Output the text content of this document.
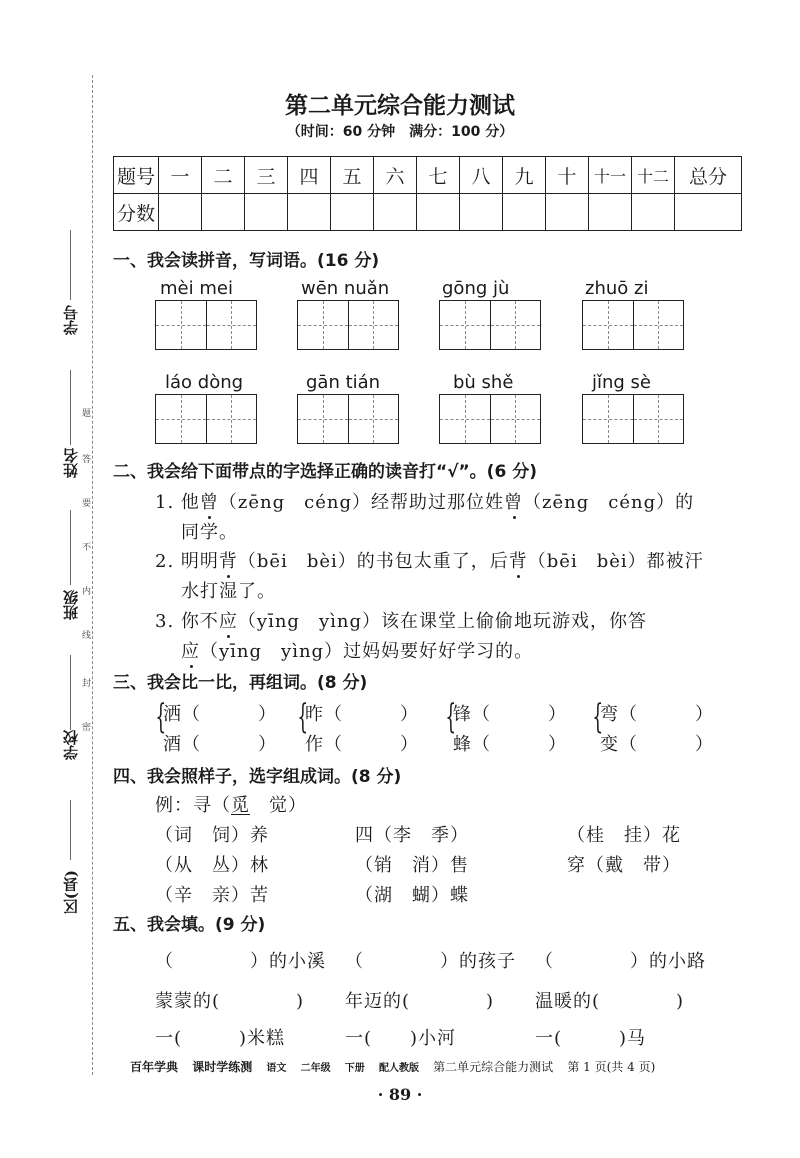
学号
姓名
班级
学校
区(县)
题
答
要
不
内
线
封
密
第二单元综合能力测试
（时间：60 分钟　满分：100 分）
题号	一	二	三	四	五	六	七	八	九	十	十一	十二	总分
分数													
一、我会读拼音，写词语。(16 分)
mèi mei	wēn nuǎn	gōng jù	zhuō zi
láo dòng	gān tián	bù shě	jǐng sè
二、我会给下面带点的字选择正确的读音打“√”。(6 分)
1. 他曾（zēng　céng）经帮助过那位姓曾（zēng　céng）的
同学。
2. 明明背（bēi　bèi）的书包太重了，后背（bēi　bèi）都被汗
水打湿了。
3. 你不应（yīng　yìng）该在课堂上偷偷地玩游戏，你答
应（yīng　yìng）过妈妈要好好学习的。
三、我会比一比，再组词。(8 分)
{
洒（　　　）
酒（　　　）
{
昨（　　　）
作（　　　）
{
锋（　　　）
蜂（　　　）
{
弯（　　　）
变（　　　）
四、我会照样子，选字组成词。(8 分)
例：寻（觅　觉）
（词　饲）养	四（李　季）	（桂　挂）花
（从　丛）林	（销　消）售	穿（戴　带）
（辛　亲）苦	（湖　蝴）蝶
五、我会填。(9 分)
（　　　　）的小溪 （　　　　）的孩子 （　　　　）的小路
蒙蒙的(　　　　) 年迈的(　　　　) 温暖的(　　　　)
一(　　　)米糕	一(　　)小河	一(　　　)马
百年学典 课时学练测 语文 二年级 下册 配人教版 第二单元综合能力测试 第 1 页(共 4 页)
· 89 ·
